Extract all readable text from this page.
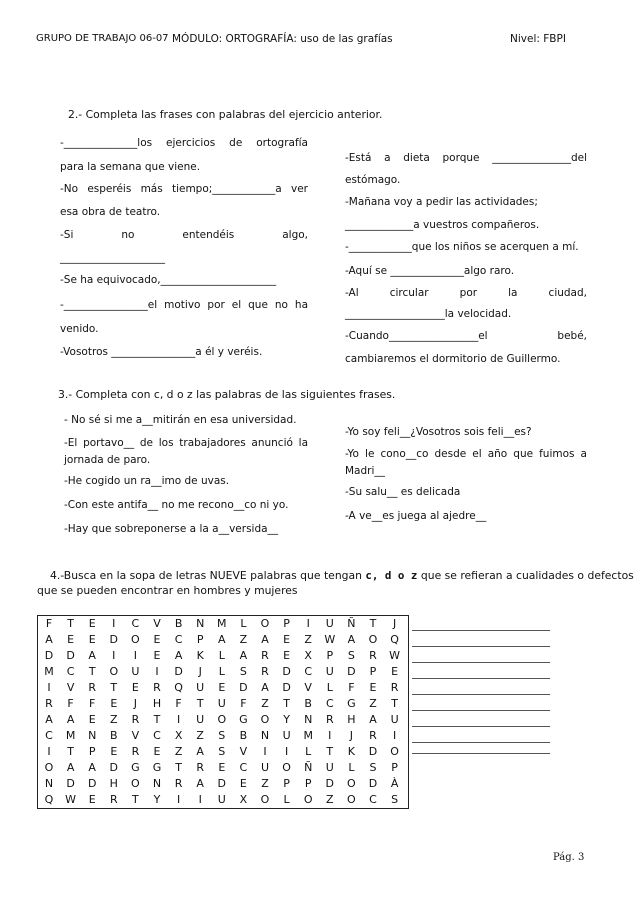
GRUPO DE TRABAJO 06-07 MÓDULO: ORTOGRAFÍA: uso de las grafías	Nivel: FBPI
2.- Completa las frases con palabras del ejercicio anterior.
-______________los ejercicios de ortografía
para la semana que viene.
-No esperéis más tiempo;____________a ver
esa obra de teatro.
-Si no entendéis algo,
____________________
-Se ha equivocado,______________________
-________________el motivo por el que no ha
venido.
-Vosotros ________________a él y veréis.
-Está a dieta porque _______________del
estómago.
-Mañana voy a pedir las actividades;
_____________a vuestros compañeros.
-____________que los niños se acerquen a mí.
-Aquí se ______________algo raro.
-Al circular por la ciudad,
___________________la velocidad.
-Cuando_________________el bebé,
cambiaremos el dormitorio de Guillermo.
3.- Completa con c, d o z las palabras de las siguientes frases.
- No sé si me a__mitirán en esa universidad.
-El portavo__ de los trabajadores anunció la
jornada de paro.
-He cogido un ra__imo de uvas.
-Con este antifa__ no me recono__co ni yo.
-Hay que sobreponerse a la a__versida__
-Yo soy feli__¿Vosotros sois feli__es?
-Yo le cono__co desde el año que fuimos a
Madri__
-Su salu__ es delicada
-A ve__es juega al ajedre__
4.-Busca en la sopa de letras NUEVE palabras que tengan c, d o z que se refieran a cualidades o defectos
que se pueden encontrar en hombres y mujeres
F	T	E	I	C	V	B	N	M	L	O	P	I	U	Ñ	T	J
A	E	E	D	O	E	C	P	A	Z	A	E	Z	W	A	O	Q
D	D	A	I	I	E	A	K	L	A	R	E	X	P	S	R	W
M	C	T	O	U	I	D	J	L	S	R	D	C	U	D	P	E
I	V	R	T	E	R	Q	U	E	D	A	D	V	L	F	E	R
R	F	F	E	J	H	F	T	U	F	Z	T	B	C	G	Z	T
A	A	E	Z	R	T	I	U	O	G	O	Y	N	R	H	A	U
C	M	N	B	V	C	X	Z	S	B	N	U	M	I	J	R	I
I	T	P	E	R	E	Z	A	S	V	I	I	L	T	K	D	O
O	A	A	D	G	G	T	R	E	C	U	O	Ñ	U	L	S	P
N	D	D	H	O	N	R	A	D	E	Z	P	P	D	O	D	À
Q	W	E	R	T	Y	I	I	U	X	O	L	O	Z	O	C	S
Pág. 3
